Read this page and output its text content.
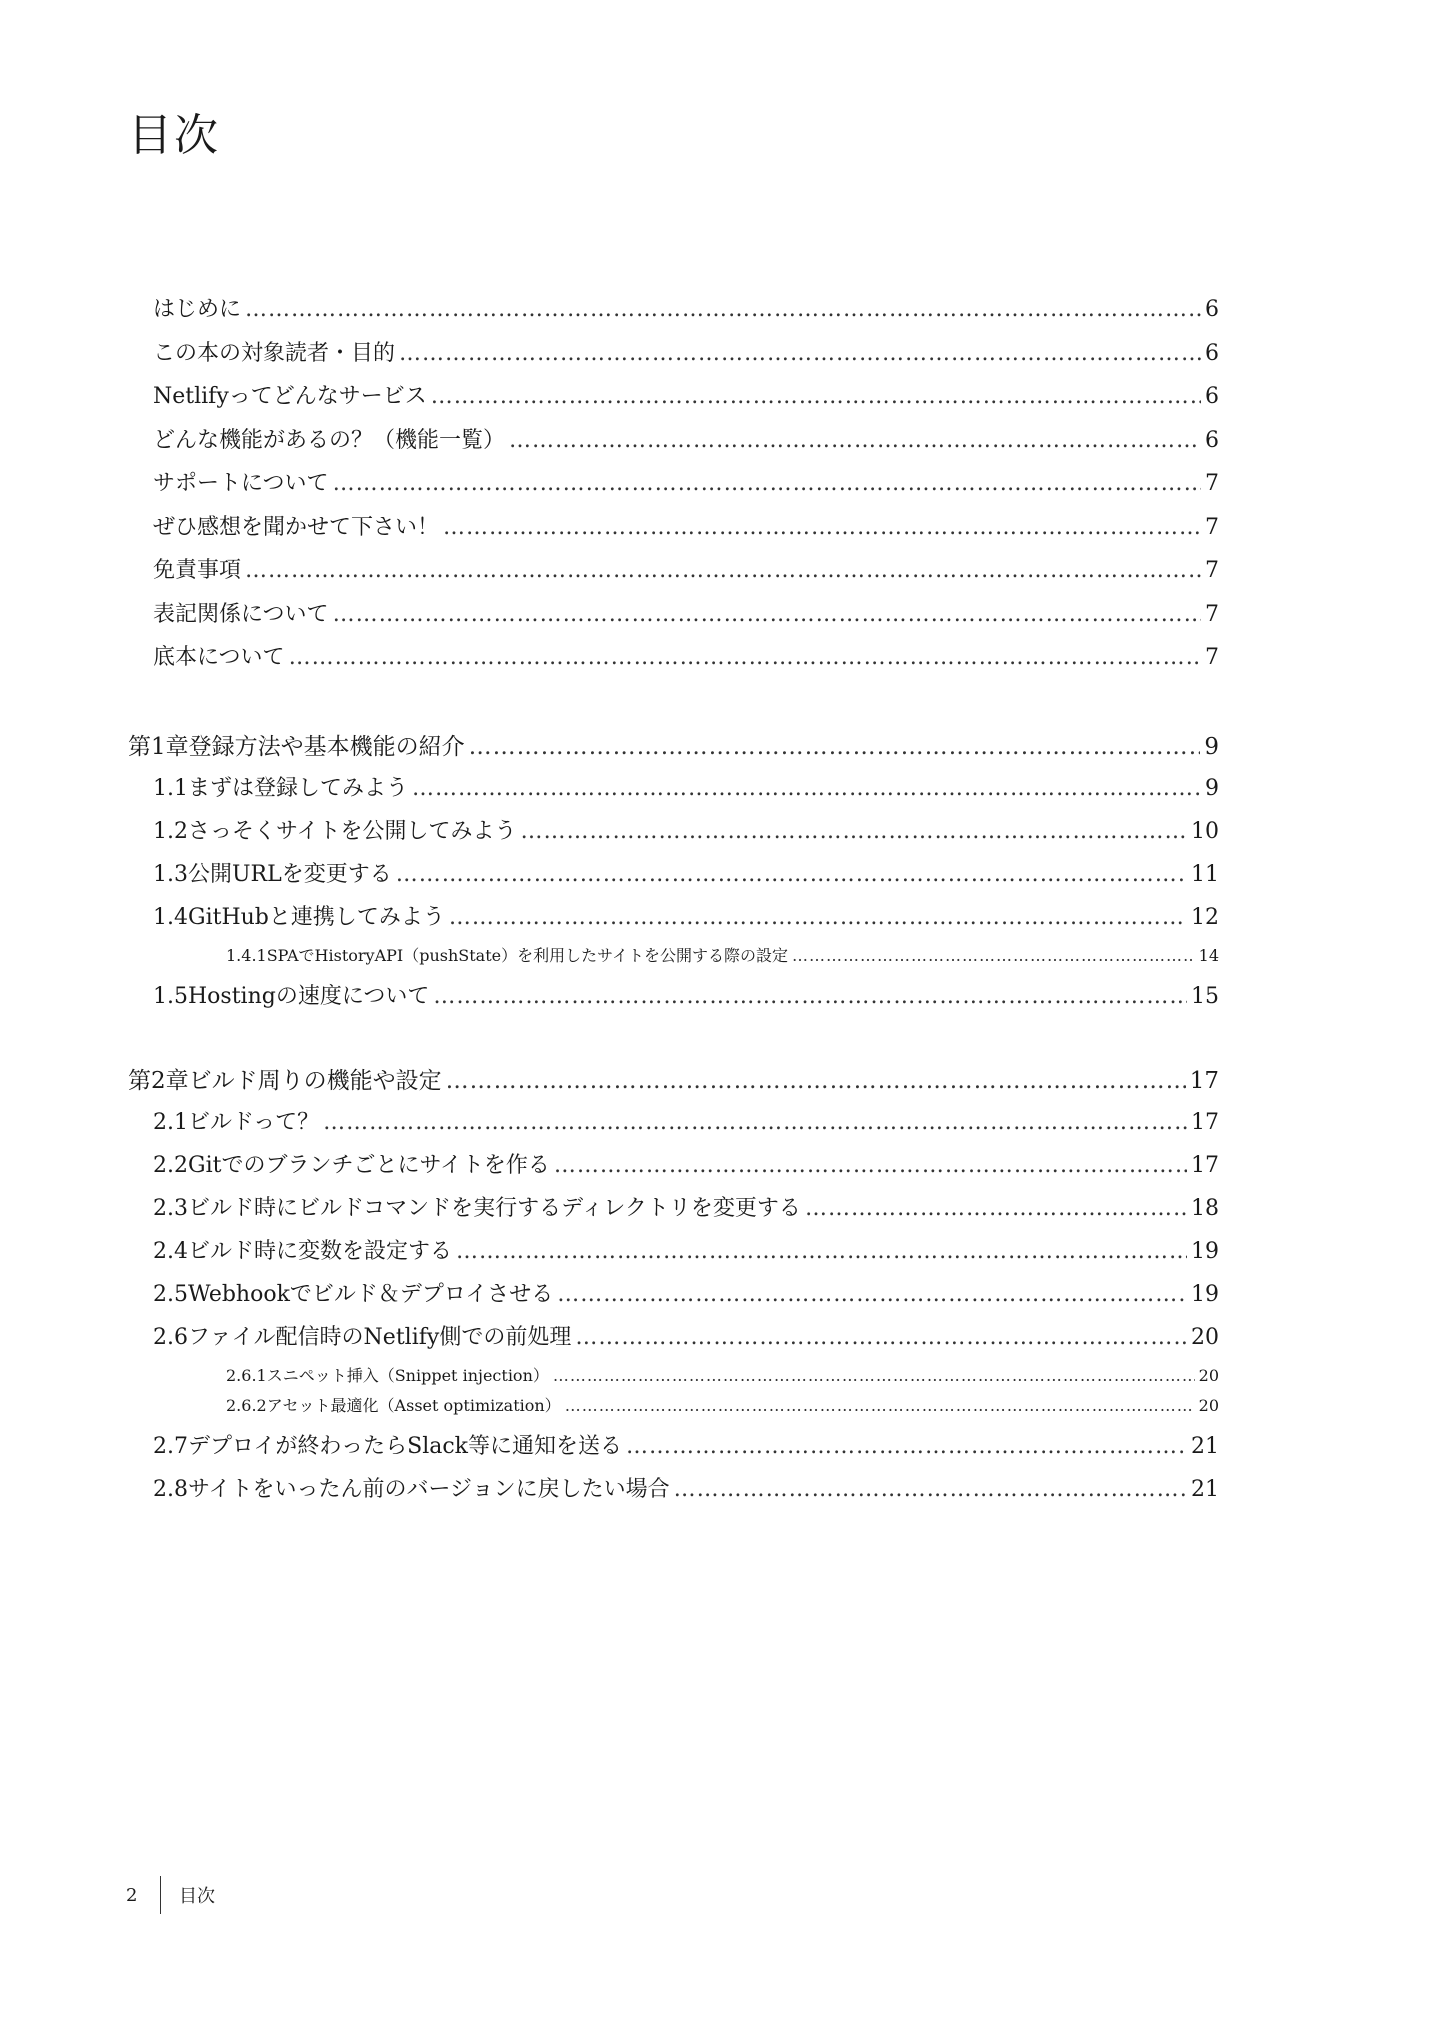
目次
はじめに ……………………………………………………………………………………………………………………………………………………………………………………………………………………………………………………………………………………………………………………………………	6
この本の対象読者・目的 ……………………………………………………………………………………………………………………………………………………………………………………………………………………………………………………………………………………………………………………………………	6
Netlifyってどんなサービス ……………………………………………………………………………………………………………………………………………………………………………………………………………………………………………………………………………………………………………………………………	6
どんな機能があるの？（機能一覧） ……………………………………………………………………………………………………………………………………………………………………………………………………………………………………………………………………………………………………………………………………	6
サポートについて ……………………………………………………………………………………………………………………………………………………………………………………………………………………………………………………………………………………………………………………………………	7
ぜひ感想を聞かせて下さい！ ……………………………………………………………………………………………………………………………………………………………………………………………………………………………………………………………………………………………………………………………………	7
免責事項 ……………………………………………………………………………………………………………………………………………………………………………………………………………………………………………………………………………………………………………………………………	7
表記関係について ……………………………………………………………………………………………………………………………………………………………………………………………………………………………………………………………………………………………………………………………………	7
底本について ……………………………………………………………………………………………………………………………………………………………………………………………………………………………………………………………………………………………………………………………………	7
第1章 登録方法や基本機能の紹介 ……………………………………………………………………………………………………………………………………………………………………………………………………………………………………………………………………………………………………………………………………	9
1.1 まずは登録してみよう ……………………………………………………………………………………………………………………………………………………………………………………………………………………………………………………………………………………………………………………………………	9
1.2 さっそくサイトを公開してみよう ……………………………………………………………………………………………………………………………………………………………………………………………………………………………………………………………………………………………………………………………………	10
1.3 公開URLを変更する ……………………………………………………………………………………………………………………………………………………………………………………………………………………………………………………………………………………………………………………………………	11
1.4 GitHubと連携してみよう ……………………………………………………………………………………………………………………………………………………………………………………………………………………………………………………………………………………………………………………………………	12
1.4.1 SPAでHistoryAPI（pushState）を利用したサイトを公開する際の設定 ……………………………………………………………………………………………………………………………………………………………………………………………………………………………………………………………………………………………………………………………………	14
1.5 Hostingの速度について ……………………………………………………………………………………………………………………………………………………………………………………………………………………………………………………………………………………………………………………………………	15
第2章 ビルド周りの機能や設定 ……………………………………………………………………………………………………………………………………………………………………………………………………………………………………………………………………………………………………………………………………	17
2.1 ビルドって？ ……………………………………………………………………………………………………………………………………………………………………………………………………………………………………………………………………………………………………………………………………	17
2.2 Gitでのブランチごとにサイトを作る ……………………………………………………………………………………………………………………………………………………………………………………………………………………………………………………………………………………………………………………………………	17
2.3 ビルド時にビルドコマンドを実行するディレクトリを変更する ……………………………………………………………………………………………………………………………………………………………………………………………………………………………………………………………………………………………………………………………………	18
2.4 ビルド時に変数を設定する ……………………………………………………………………………………………………………………………………………………………………………………………………………………………………………………………………………………………………………………………………	19
2.5 Webhookでビルド＆デプロイさせる ……………………………………………………………………………………………………………………………………………………………………………………………………………………………………………………………………………………………………………………………………	19
2.6 ファイル配信時のNetlify側での前処理 ……………………………………………………………………………………………………………………………………………………………………………………………………………………………………………………………………………………………………………………………………	20
2.6.1 スニペット挿入（Snippet injection） ……………………………………………………………………………………………………………………………………………………………………………………………………………………………………………………………………………………………………………………………………	20
2.6.2 アセット最適化（Asset optimization） ……………………………………………………………………………………………………………………………………………………………………………………………………………………………………………………………………………………………………………………………………	20
2.7 デプロイが終わったらSlack等に通知を送る ……………………………………………………………………………………………………………………………………………………………………………………………………………………………………………………………………………………………………………………………………	21
2.8 サイトをいったん前のバージョンに戻したい場合 ……………………………………………………………………………………………………………………………………………………………………………………………………………………………………………………………………………………………………………………………………	21
2	目次
